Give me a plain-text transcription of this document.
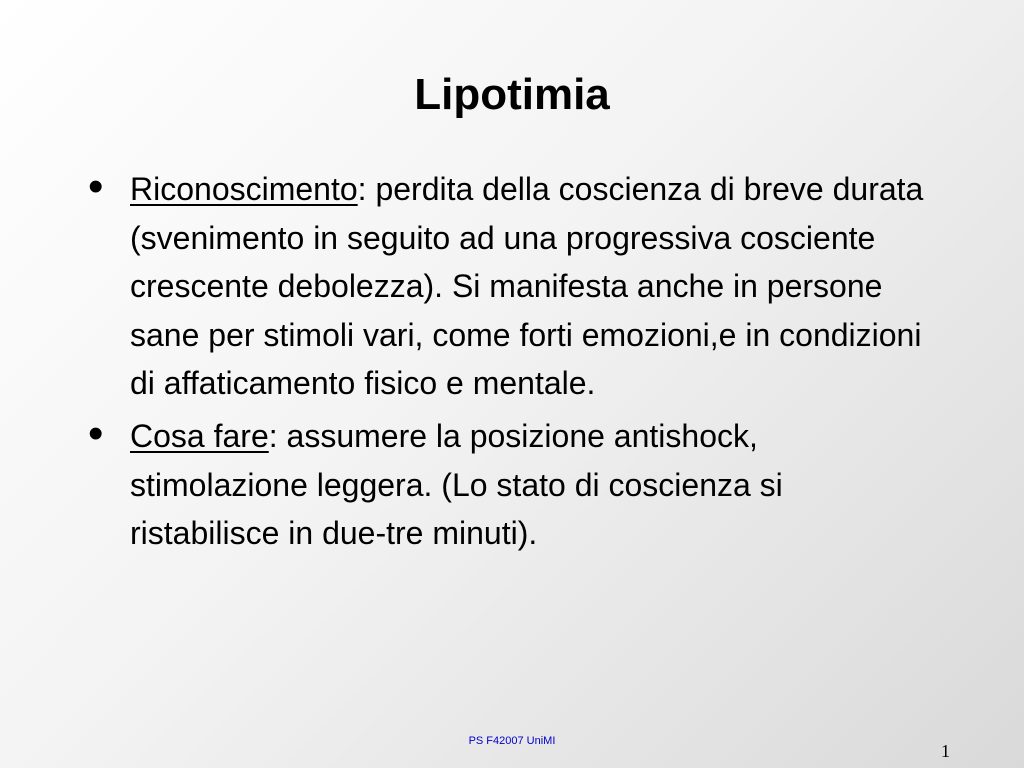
Lipotimia
• Riconoscimento: perdita della coscienza di breve durata (svenimento in seguito ad una progressiva cosciente crescente debolezza). Si manifesta anche in persone sane per stimoli vari, come forti emozioni,e in condizioni di affaticamento fisico e mentale.
• Cosa fare: assumere la posizione antishock, stimolazione leggera. (Lo stato di coscienza si ristabilisce in due-tre minuti).
PS F42007 UniMI	1
